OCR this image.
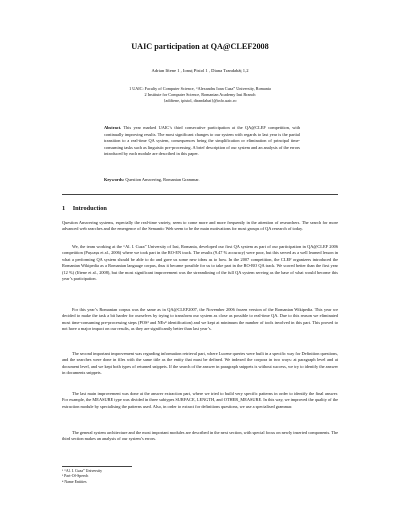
UAIC participation at QA@CLEF2008
Adrian Iftene 1 , Ionuț Pistol 1 , Diana Trandabăț 1,2
1 UAIC: Faculty of Computer Science, “Alexandru Ioan Cuza” University, Romania
2 Institute for Computer Science, Romanian Academy Iasi Branch
{adiftene, ipistol, dtrandabat}@info.uaic.ro
Abstract. This year marked UAIC’s third consecutive participation at the QA@CLEF competition, with continually improving results. The most significant changes to our system with regards to last year is the partial transition to a real-time QA system, consequences being the simplification or elimination of principal time-consuming tasks such as linguistic pre-processing. A brief description of our system and an analysis of the errors introduced by each module are described in this paper.
Keywords: Question Answering, Romanian Grammar.
1 Introduction
Question Answering systems, especially the real-time variety, seem to come more and more frequently in the attention of researchers. The search for more advanced web searches and the emergence of the Semantic Web seem to be the main motivations for most groups of QA research of today.
We, the team working at the “Al. I. Cuza” University of Iasi, Romania, developed our first QA system as part of our participation in QA@CLEF 2006 competition (Pușcașu et al., 2006) where we took part in the RO-EN track. The results (9.47 % accuracy) were poor, but this served as a well learned lesson in what a performing QA system should be able to do and gave us some new ideas as to how. In the 2007 competition, the CLEF organizers introduced the Romanian Wikipedia as a Romanian language corpus, thus it became possible for us to take part in the RO-RO QA track. We scored better than the first year (12 %) (Iftene et al., 2008), but the most significant improvement was the streamlining of the full QA system serving as the base of what would become this year’s participation.
For this year’s Romanian corpus was the same as in QA@CLEF2007, the November 2006 frozen version of the Romanian Wikipedia. This year we decided to make the task a bit harder for ourselves by trying to transform our system as close as possible to real-time QA. Due to this reason we eliminated most time-consuming pre-processing steps (POS³ and NEs⁴ identification) and we kept at minimum the number of tools involved in this part. This proved to not have a major impact on our results, as they are significantly better than last year’s.
The second important improvement was regarding information retrieval part, where Lucene queries were built in a specific way for Definition questions, and the searches were done in files with the same title as the entity that must be defined. We indexed the corpora in two ways: at paragraph level and at document level, and we kept both types of returned snippets. If the search of the answer in paragraph snippets is without success, we try to identify the answer in documents snippets.
The last main improvement was done at the answer extraction part, where we tried to build very specific patterns in order to identify the final answer. For example, the MEASURE type was divided in three subtypes SURFACE, LENGTH, and OTHER_MEASURE. In this way, we improved the quality of the extraction module by specialising the patterns used. Also, in order to extract for definitions questions, we use a specialised grammar.
The general system architecture and the most important modules are described in the next section, with special focus on newly inserted components. The third section makes an analysis of our system’s errors.
¹ “Al. I. Cuza” University
³ Part-Of-Speech
⁴ Name Entities
